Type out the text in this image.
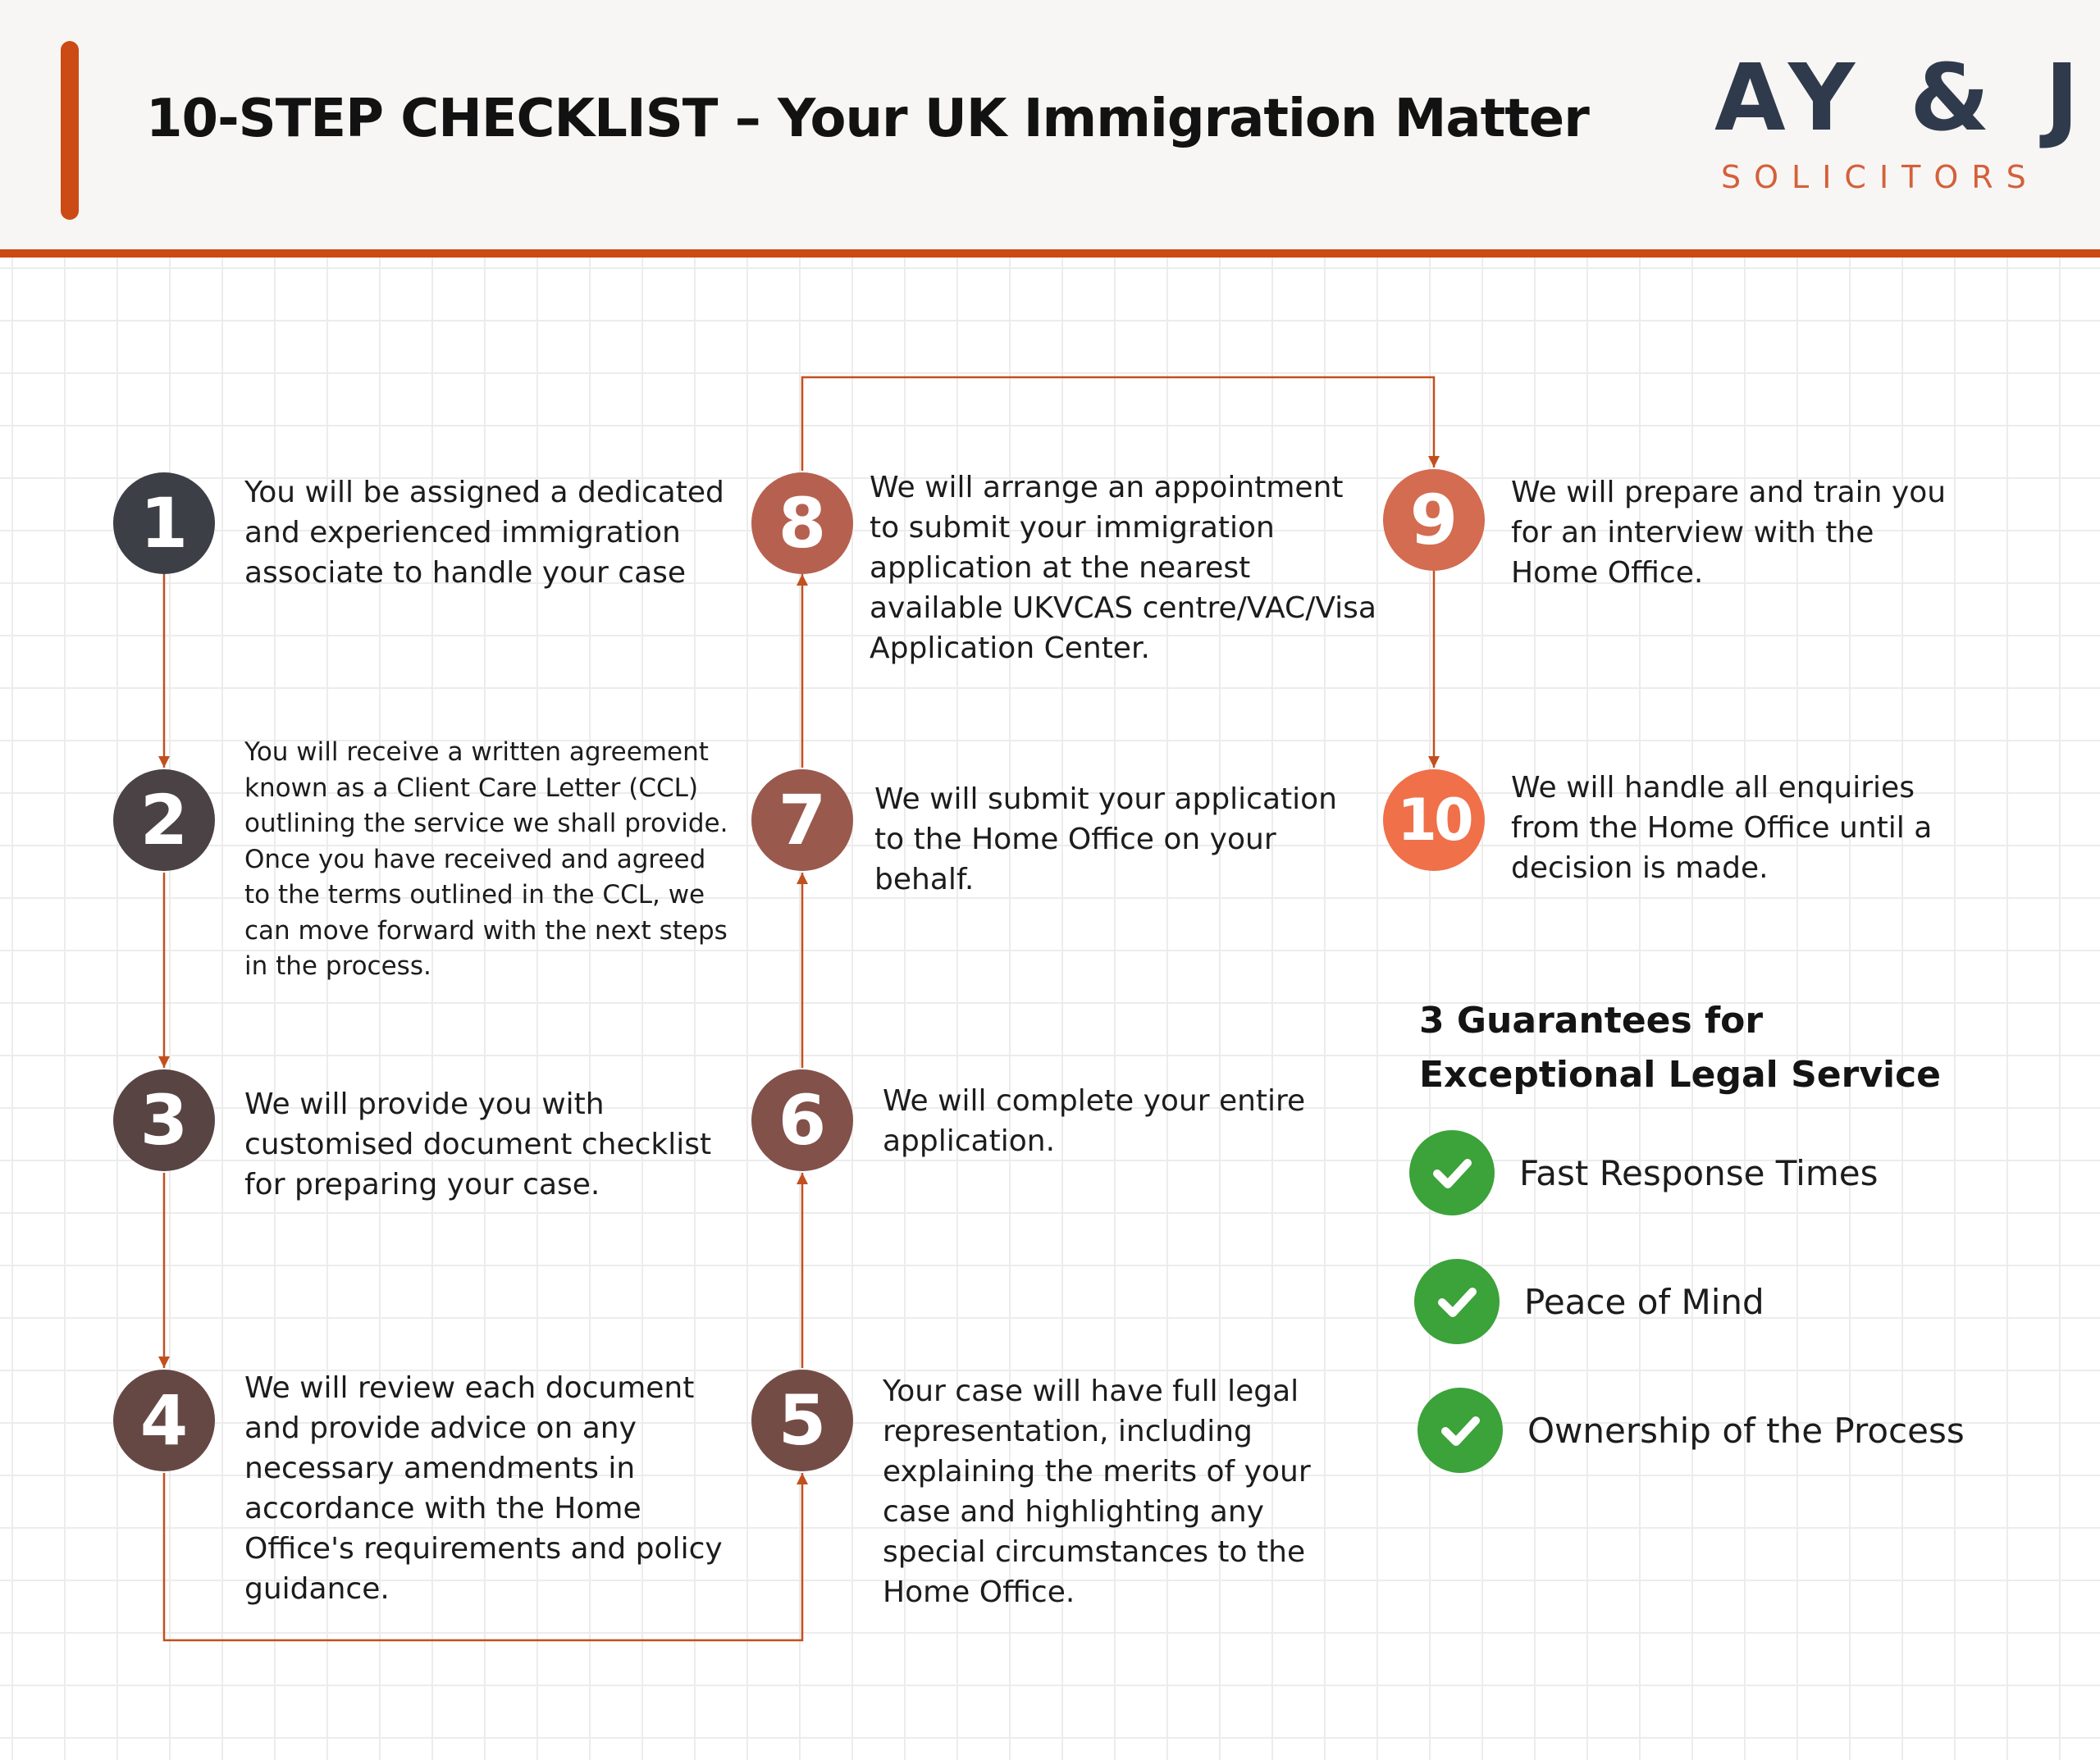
10-STEP CHECKLIST – Your UK Immigration Matter AY & J
SOLICITORS
1
2
3
4	5
6
7
8	9
10
You will be assigned a dedicated and experienced immigration associate to handle your case
You will receive a written agreement known as a Client Care Letter (CCL) outlining the service we shall provide. Once you have received and agreed to the terms outlined in the CCL, we can move forward with the next steps in the process.
We will provide you with customised document checklist for preparing your case.
We will review each document and provide advice on any necessary amendments in accordance with the Home Office's requirements and policy guidance.
Your case will have full legal representation, including explaining the merits of your case and highlighting any special circumstances to the Home Office.
We will complete your entire application.
We will submit your application to the Home Office on your behalf.
We will arrange an appointment to submit your immigration application at the nearest available UKVCAS centre/VAC/Visa Application Center.
We will prepare and train you for an interview with the Home Office.
We will handle all enquiries from the Home Office until a decision is made.
3 Guarantees for Exceptional Legal Service
Fast Response Times
Peace of Mind
Ownership of the Process
